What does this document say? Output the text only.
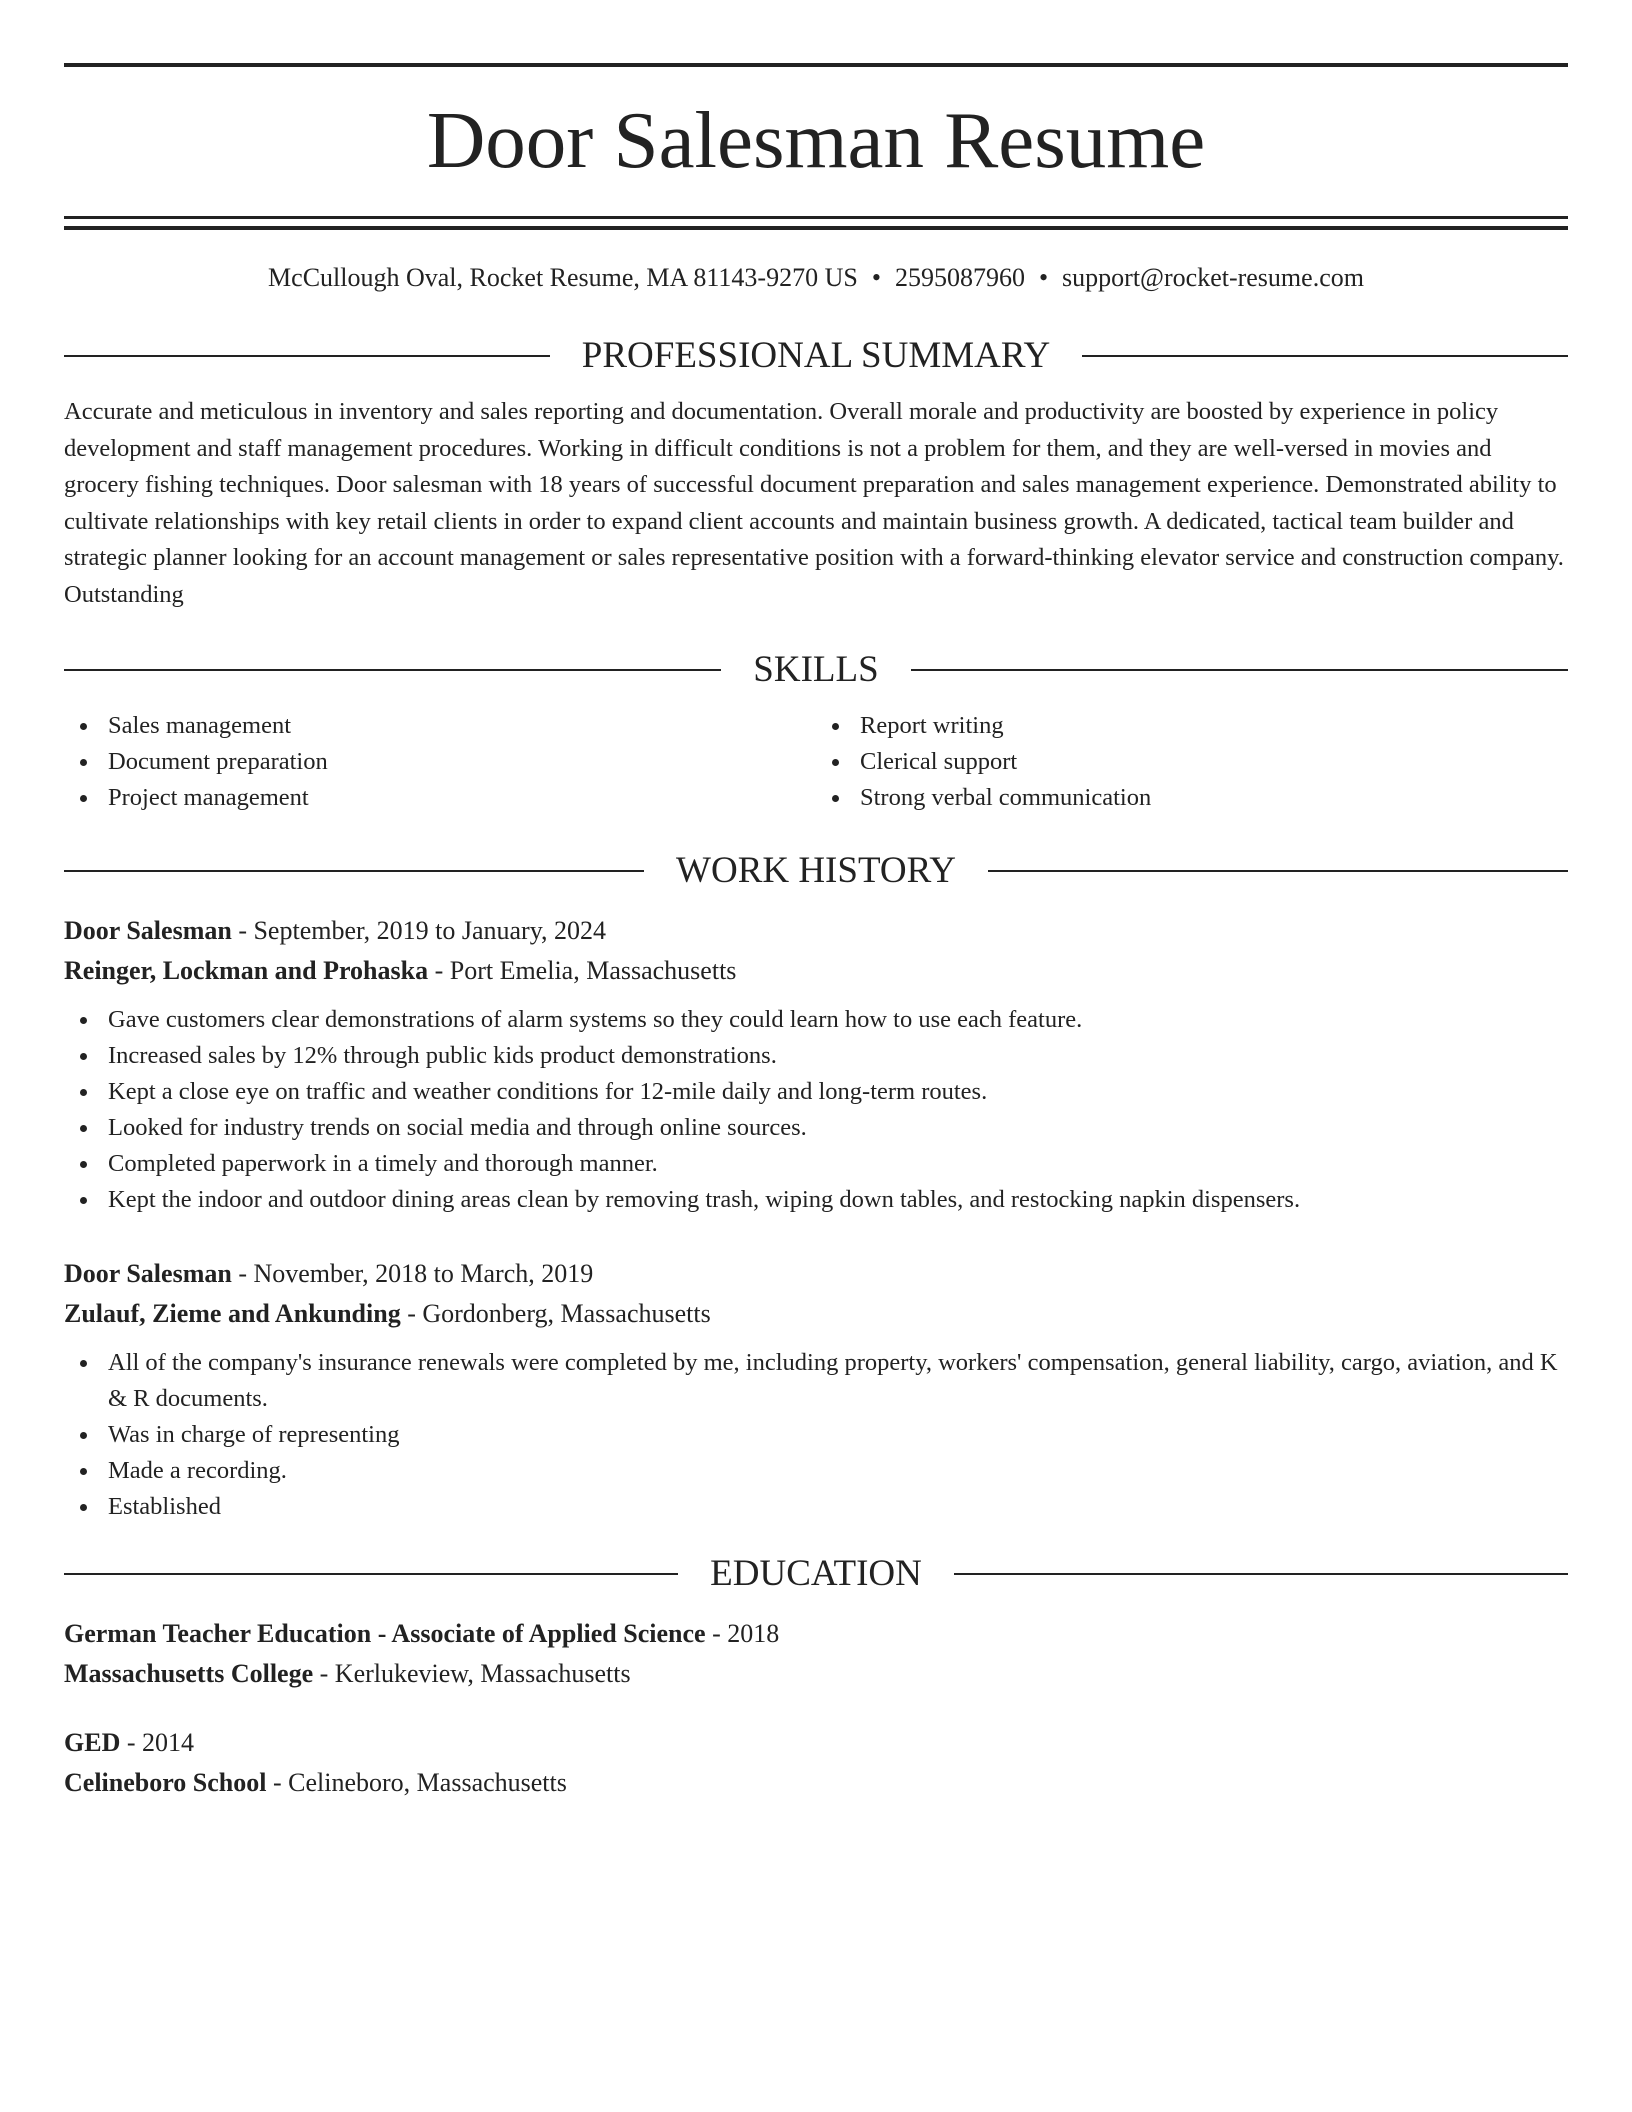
Door Salesman Resume
McCullough Oval, Rocket Resume, MA 81143-9270 US • 2595087960 • support@rocket-resume.com
PROFESSIONAL SUMMARY
Accurate and meticulous in inventory and sales reporting and documentation. Overall morale and productivity are boosted by experience in policy development and staff management procedures. Working in difficult conditions is not a problem for them, and they are well-versed in movies and grocery fishing techniques. Door salesman with 18 years of successful document preparation and sales management experience. Demonstrated ability to cultivate relationships with key retail clients in order to expand client accounts and maintain business growth. A dedicated, tactical team builder and strategic planner looking for an account management or sales representative position with a forward-thinking elevator service and construction company. Outstanding
SKILLS
Sales management
Document preparation
Project management
Report writing
Clerical support
Strong verbal communication
WORK HISTORY
Door Salesman - September, 2019 to January, 2024
Reinger, Lockman and Prohaska - Port Emelia, Massachusetts
Gave customers clear demonstrations of alarm systems so they could learn how to use each feature.
Increased sales by 12% through public kids product demonstrations.
Kept a close eye on traffic and weather conditions for 12-mile daily and long-term routes.
Looked for industry trends on social media and through online sources.
Completed paperwork in a timely and thorough manner.
Kept the indoor and outdoor dining areas clean by removing trash, wiping down tables, and restocking napkin dispensers.
Door Salesman - November, 2018 to March, 2019
Zulauf, Zieme and Ankunding - Gordonberg, Massachusetts
All of the company's insurance renewals were completed by me, including property, workers' compensation, general liability, cargo, aviation, and K & R documents.
Was in charge of representing
Made a recording.
Established
EDUCATION
German Teacher Education - Associate of Applied Science - 2018
Massachusetts College - Kerlukeview, Massachusetts
GED - 2014
Celineboro School - Celineboro, Massachusetts
